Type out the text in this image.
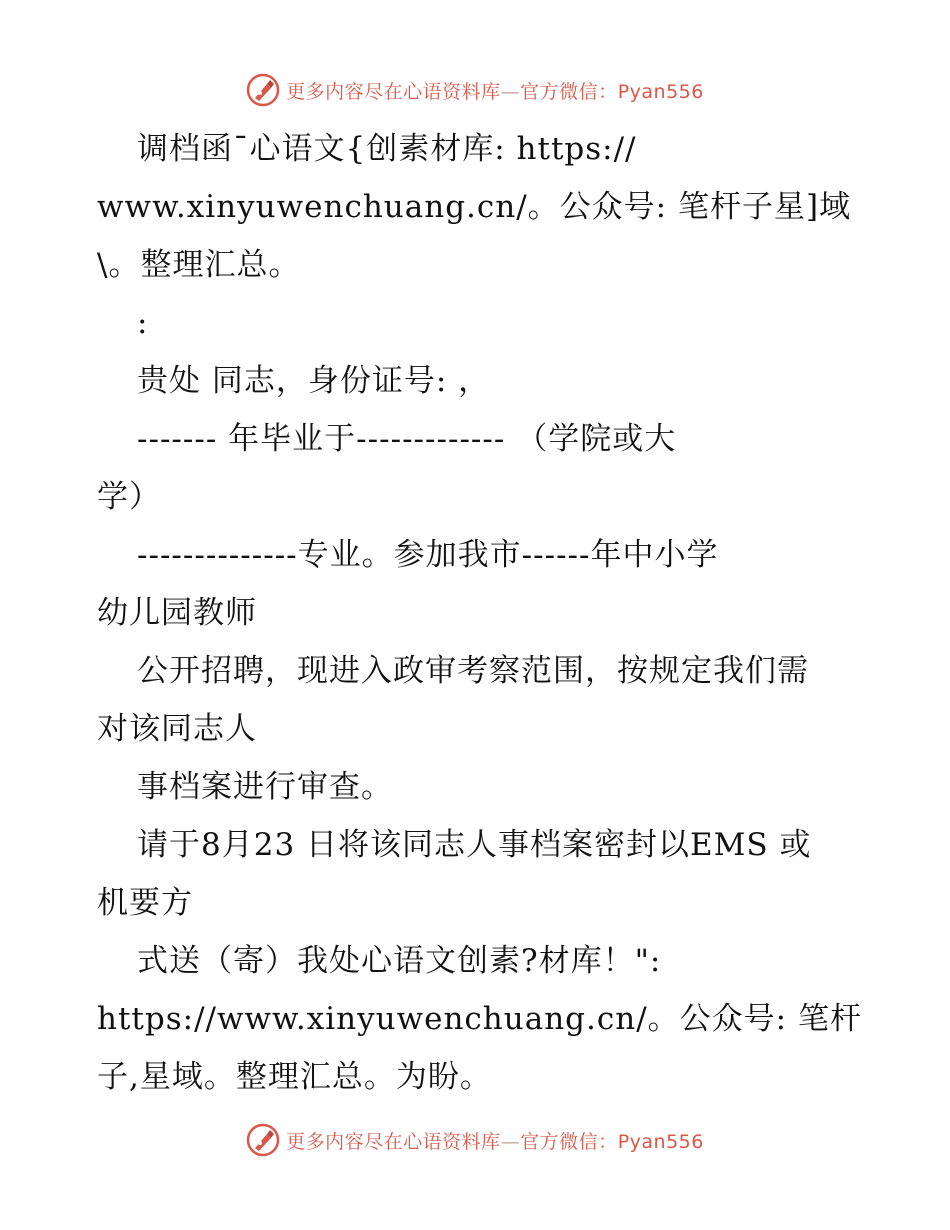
更多内容尽在心语资料库—官方微信：Pyan556
调档函¯心语文{创素材库: https://
www.xinyuwenchuang.cn/。公众号: 笔杆子星]域
\。整理汇总。
:
贵处 同志，身份证号: ，
------- 年毕业于------------- （学院或大
学）
--------------专业。参加我市------年中小学
幼儿园教师
公开招聘，现进入政审考察范围，按规定我们需
对该同志人
事档案进行审查。
请于8月23 日将该同志人事档案密封以EMS 或
机要方
式送（寄）我处心语文创素?材库！":
https://www.xinyuwenchuang.cn/。公众号: 笔杆
子,星域。整理汇总。为盼。
更多内容尽在心语资料库—官方微信：Pyan556
